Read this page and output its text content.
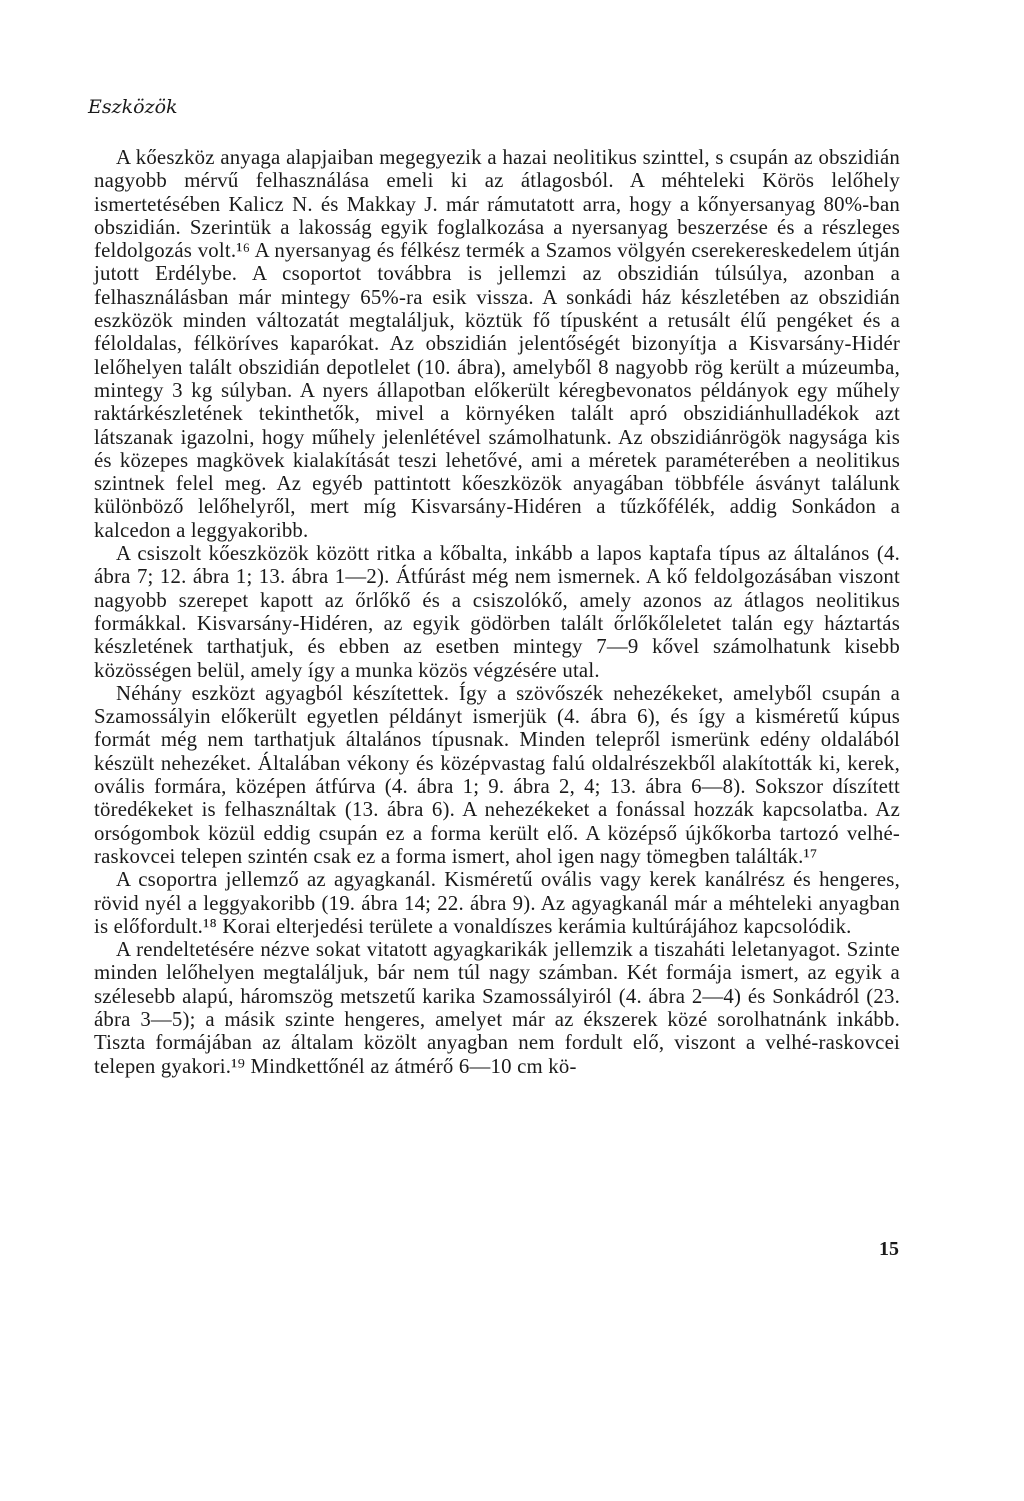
Eszközök

A kőeszköz anyaga alapjaiban megegyezik a hazai neolitikus szinttel, s csupán az obszidián nagyobb mérvű felhasználása emeli ki az átlagosból. A méhteleki Körös lelőhely ismertetésében Kalicz N. és Makkay J. már rámutatott arra, hogy a kőnyersanyag 80%-ban obszidián. Szerintük a lakosság egyik foglalkozása a nyersanyag beszerzése és a részleges feldolgozás volt.¹⁶ A nyersanyag és félkész termék a Szamos völgyén cserekereskedelem útján jutott Erdélybe. A csoportot továbbra is jellemzi az obszidián túlsúlya, azonban a felhasználásban már mintegy 65%-ra esik vissza. A sonkádi ház készletében az obszidián eszközök minden változatát megtaláljuk, köztük fő típusként a retusált élű pengéket és a féloldalas, félköríves kaparókat. Az obszidián jelentőségét bizonyítja a Kisvarsány-Hidér lelőhelyen talált obszidián depotlelet (10. ábra), amelyből 8 nagyobb rög került a múzeumba, mintegy 3 kg súlyban. A nyers állapotban előkerült kéregbevonatos példányok egy műhely raktárkészletének tekinthetők, mivel a környéken talált apró obszidiánhulladékok azt látszanak igazolni, hogy műhely jelenlétével számolhatunk. Az obszidiánrögök nagysága kis és közepes magkövek kialakítását teszi lehetővé, ami a méretek paraméterében a neolitikus szintnek felel meg. Az egyéb pattintott kőeszközök anyagában többféle ásványt találunk különböző lelőhelyről, mert míg Kisvarsány-Hidéren a tűzkőfélék, addig Sonkádon a kalcedon a leggyakoribb.

A csiszolt kőeszközök között ritka a kőbalta, inkább a lapos kaptafa típus az általános (4. ábra 7; 12. ábra 1; 13. ábra 1—2). Átfúrást még nem ismernek. A kő feldolgozásában viszont nagyobb szerepet kapott az őrlőkő és a csiszolókő, amely azonos az átlagos neolitikus formákkal. Kisvarsány-Hidéren, az egyik gödörben talált őrlőkőleletet talán egy háztartás készletének tarthatjuk, és ebben az esetben mintegy 7—9 kővel számolhatunk kisebb közösségen belül, amely így a munka közös végzésére utal.

Néhány eszközt agyagból készítettek. Így a szövőszék nehezékeket, amelyből csupán a Szamossályin előkerült egyetlen példányt ismerjük (4. ábra 6), és így a kisméretű kúpus formát még nem tarthatjuk általános típusnak. Minden telepről ismerünk edény oldalából készült nehezéket. Általában vékony és középvastag falú oldalrészekből alakították ki, kerek, ovális formára, középen átfúrva (4. ábra 1; 9. ábra 2, 4; 13. ábra 6—8). Sokszor díszített töredékeket is felhasználtak (13. ábra 6). A nehezékeket a fonással hozzák kapcsolatba. Az orsógombok közül eddig csupán ez a forma került elő. A középső újkőkorba tartozó velhé-raskovcei telepen szintén csak ez a forma ismert, ahol igen nagy tömegben találták.¹⁷

A csoportra jellemző az agyagkanál. Kisméretű ovális vagy kerek kanálrész és hengeres, rövid nyél a leggyakoribb (19. ábra 14; 22. ábra 9). Az agyagkanál már a méhteleki anyagban is előfordult.¹⁸ Korai elterjedési területe a vonaldíszes kerámia kultúrájához kapcsolódik.

A rendeltetésére nézve sokat vitatott agyagkarikák jellemzik a tiszaháti leletanyagot. Szinte minden lelőhelyen megtaláljuk, bár nem túl nagy számban. Két formája ismert, az egyik a szélesebb alapú, háromszög metszetű karika Szamossályiról (4. ábra 2—4) és Sonkádról (23. ábra 3—5); a másik szinte hengeres, amelyet már az ékszerek közé sorolhatnánk inkább. Tiszta formájában az általam közölt anyagban nem fordult elő, viszont a velhé-raskovcei telepen gyakori.¹⁹ Mindkettőnél az átmérő 6—10 cm kö-

15
